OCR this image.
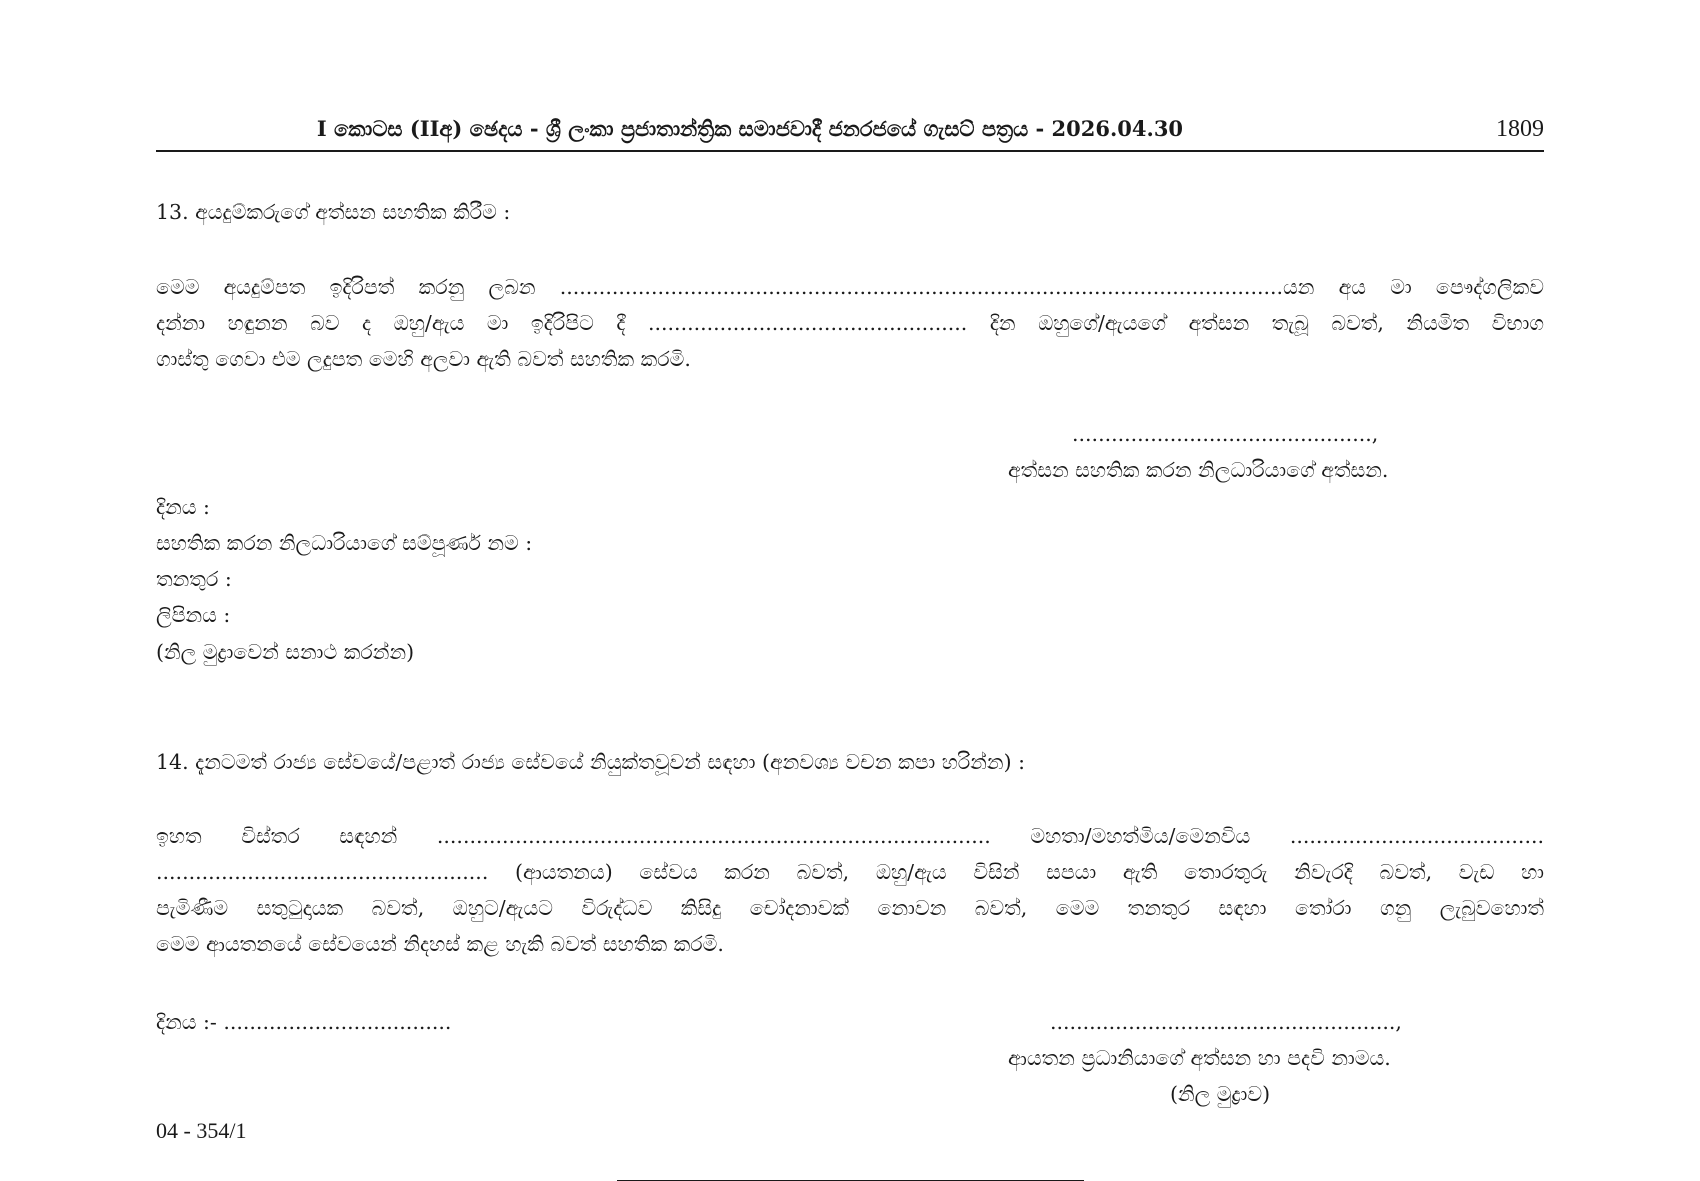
I කොටස (IIඅ) ඡෙදය - ශ්‍රී ලංකා ප්‍රජාතාන්ත්‍රික සමාජවාදී ජනරජයේ ගැසට් පත්‍රය - 2026.04.30	1809
13. අයදුම්කරුගේ අත්සන සහතික කිරීම :
මෙම අයදුම්පත ඉදිරිපත් කරනු ලබන ...............................................................................................................යන අය මා පෞද්ගලිකව
දන්නා හඳුනන බව ද ඔහු/ඇය මා ඉදිරිපිට දී ................................................. දින ඔහුගේ/ඇයගේ අත්සන තැබූ බවත්, නියමිත විභාග
ගාස්තු ගෙවා එම ලදුපත මෙහි අලවා ඇති බවත් සහතික කරමි.
..............................................,
අත්සන සහතික කරන නිලධාරියාගේ අත්සන.
දිනය :
සහතික කරන නිලධාරියාගේ සම්පූර්ණ නම :
තනතුර :
ලිපිනය :
(නිල මුද්‍රාවෙන් සනාථ කරන්න)
14. දැනටමත් රාජ්‍ය සේවයේ/පළාත් රාජ්‍ය සේවයේ නියුක්තවූවන් සඳහා (අනවශ්‍ය වචන කපා හරින්න) :
ඉහත විස්තර සඳහන් ..................................................................................... මහතා/මහත්මිය/මෙනවිය .......................................
................................................... (ආයතනය) සේවය කරන බවත්, ඔහු/ඇය විසින් සපයා ඇති තොරතුරු නිවැරදි බවත්, වැඩ හා
පැමිණීම සතුටුදායක බවත්, ඔහුට/ඇයට විරුද්ධව කිසිදු චෝදනාවක් නොවන බවත්, මෙම තනතුර සඳහා තෝරා ගනු ලැබුවහොත්
මෙම ආයතනයේ සේවයෙන් නිදහස් කළ හැකි බවත් සහතික කරමි.
දිනය :- ...................................	.....................................................,
ආයතන ප්‍රධානියාගේ අත්සන හා පදවි නාමය.
(නිල මුද්‍රාව)
04 - 354/1
